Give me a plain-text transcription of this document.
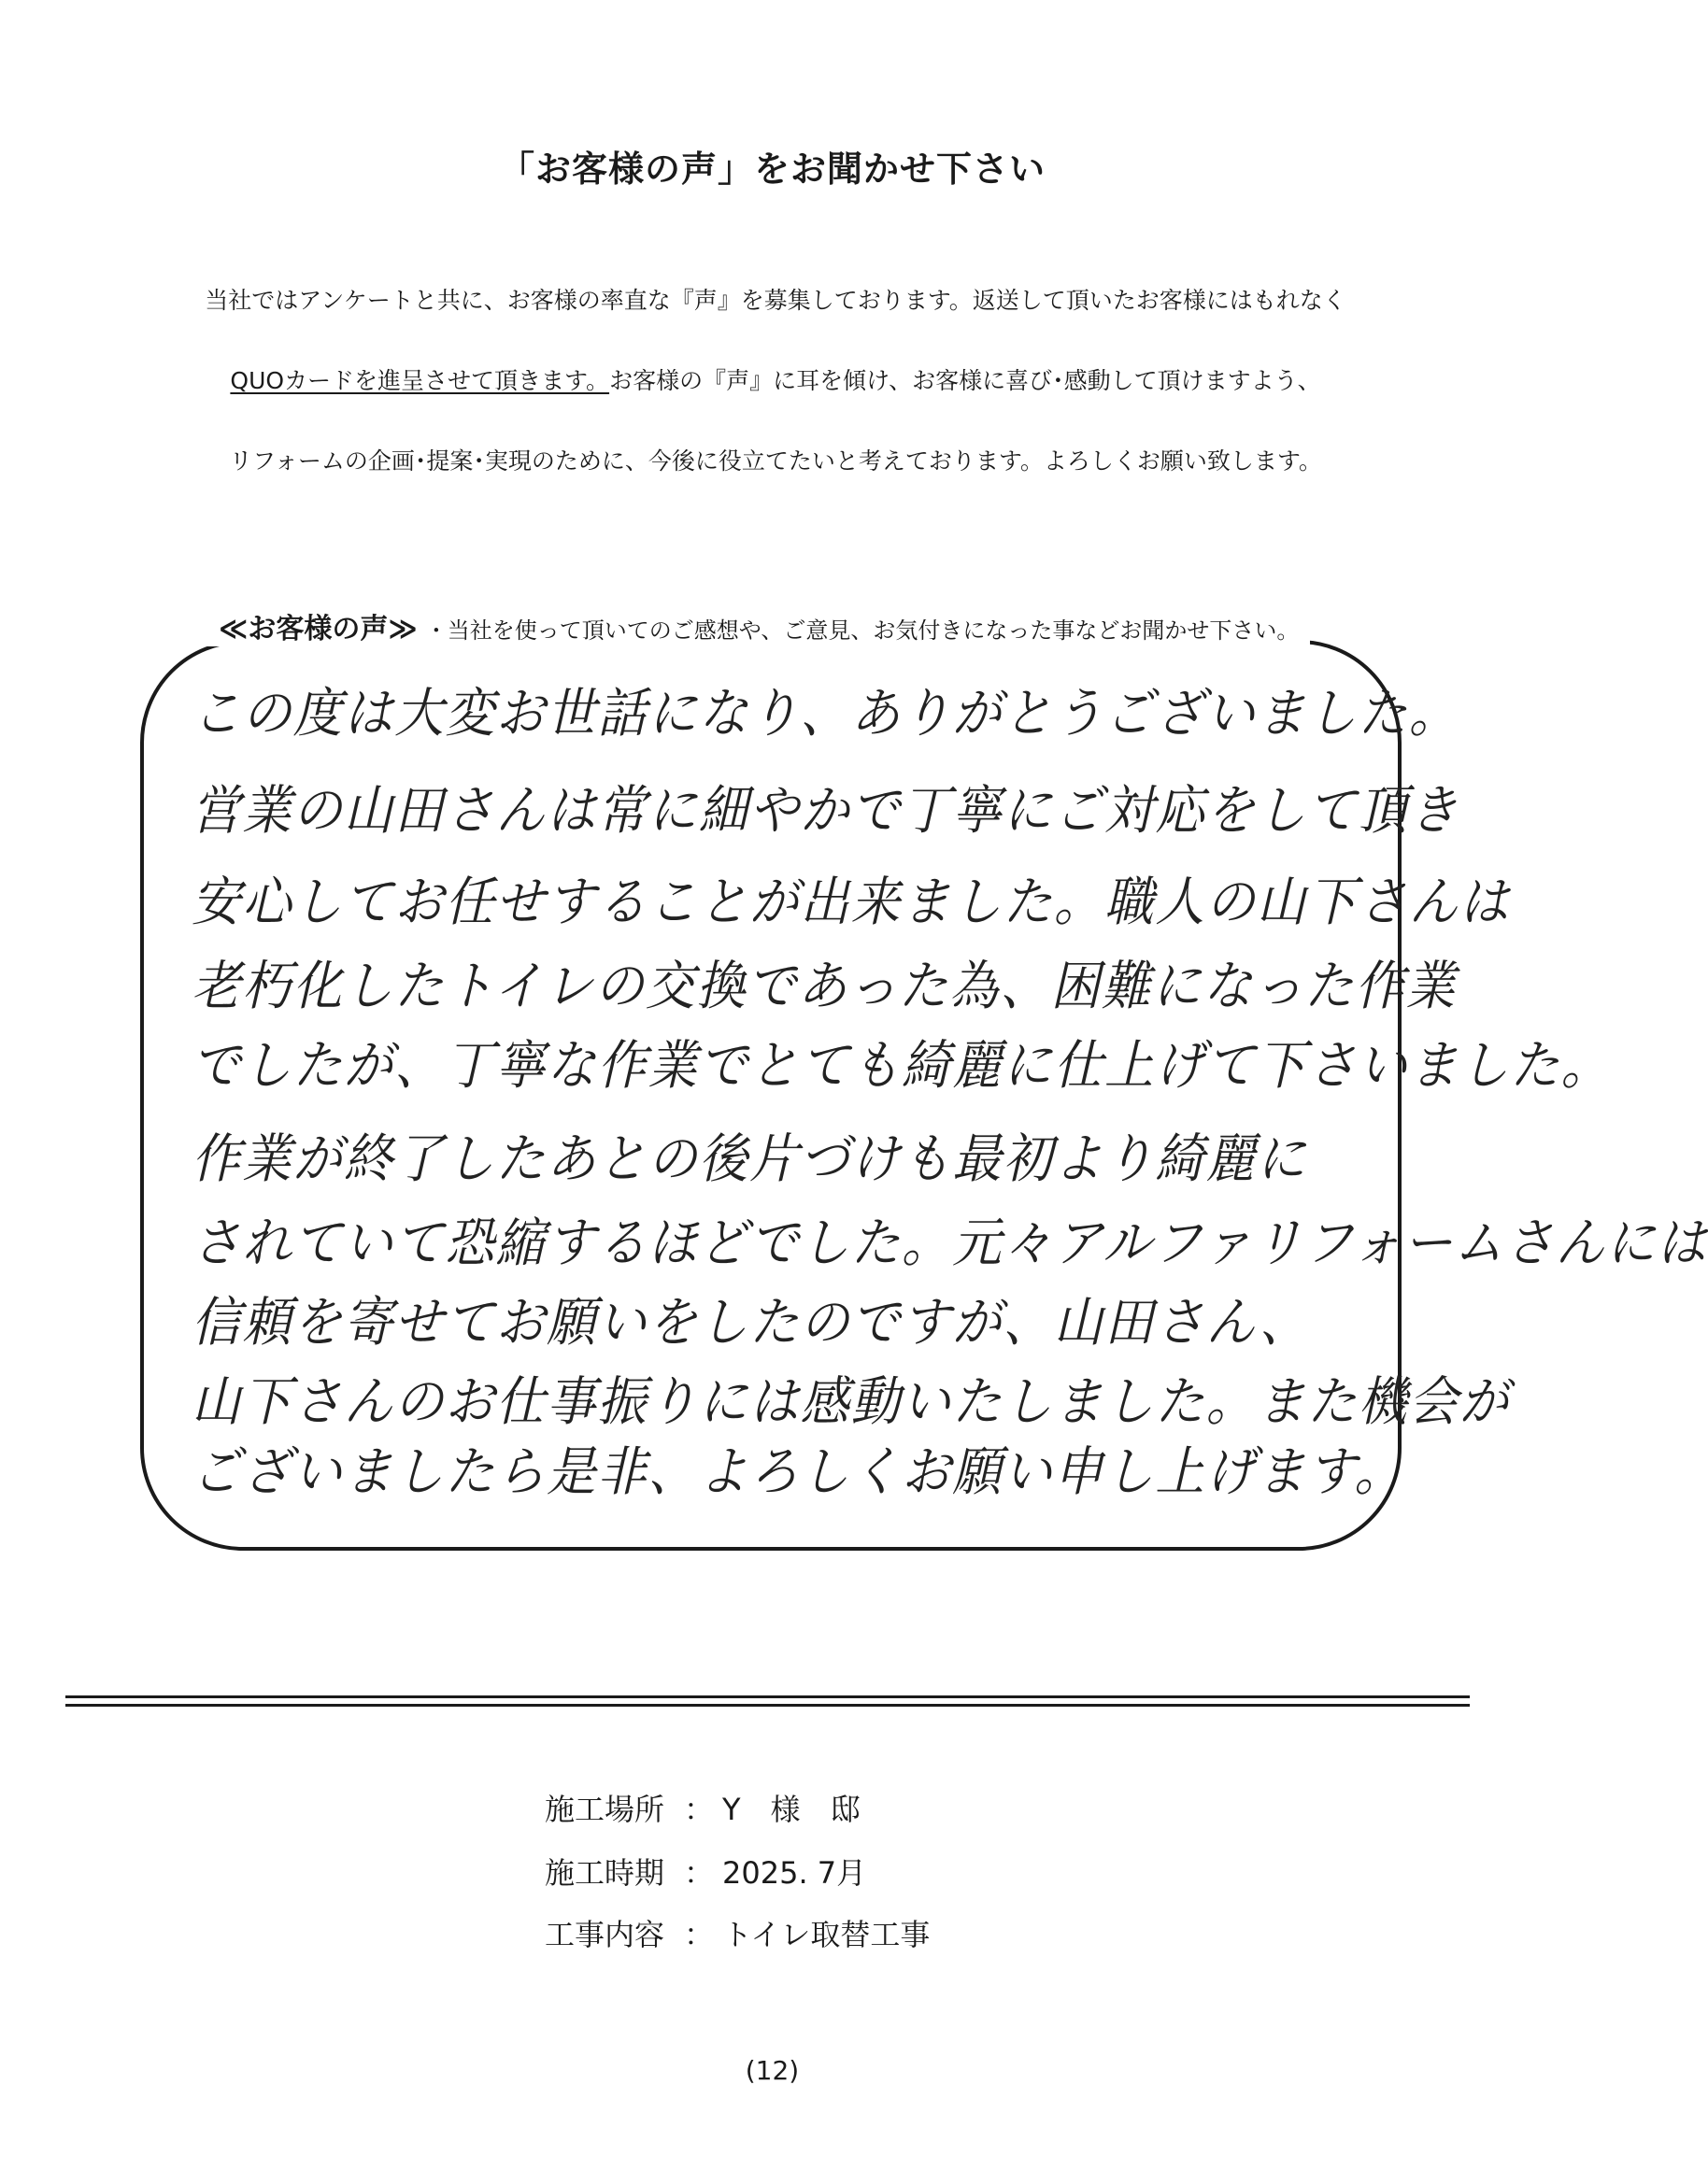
「お客様の声」をお聞かせ下さい
当社ではアンケートと共に、お客様の率直な『声』を募集しております。返送して頂いたお客様にはもれなく
QUOカードを進呈させて頂きます。お客様の『声』に耳を傾け、お客様に喜び･感動して頂けますよう、
リフォームの企画･提案･実現のために、今後に役立てたいと考えております。よろしくお願い致します。
≪お客様の声≫ ・当社を使って頂いてのご感想や、ご意見、お気付きになった事などお聞かせ下さい。
この度は大変お世話になり、ありがとうございました。
営業の山田さんは常に細やかで丁寧にご対応をして頂き
安心してお任せすることが出来ました。職人の山下さんは
老朽化したトイレの交換であった為、困難になった作業
でしたが、丁寧な作業でとても綺麗に仕上げて下さいました。
作業が終了したあとの後片づけも最初より綺麗に
されていて恐縮するほどでした。元々アルファリフォームさんには
信頼を寄せてお願いをしたのですが、山田さん、
山下さんのお仕事振りには感動いたしました。また機会が
ございましたら是非、よろしくお願い申し上げます。
施工場所 ： Y　様　邸
施工時期 ： 2025. 7月
工事内容 ： トイレ取替工事
(12)
